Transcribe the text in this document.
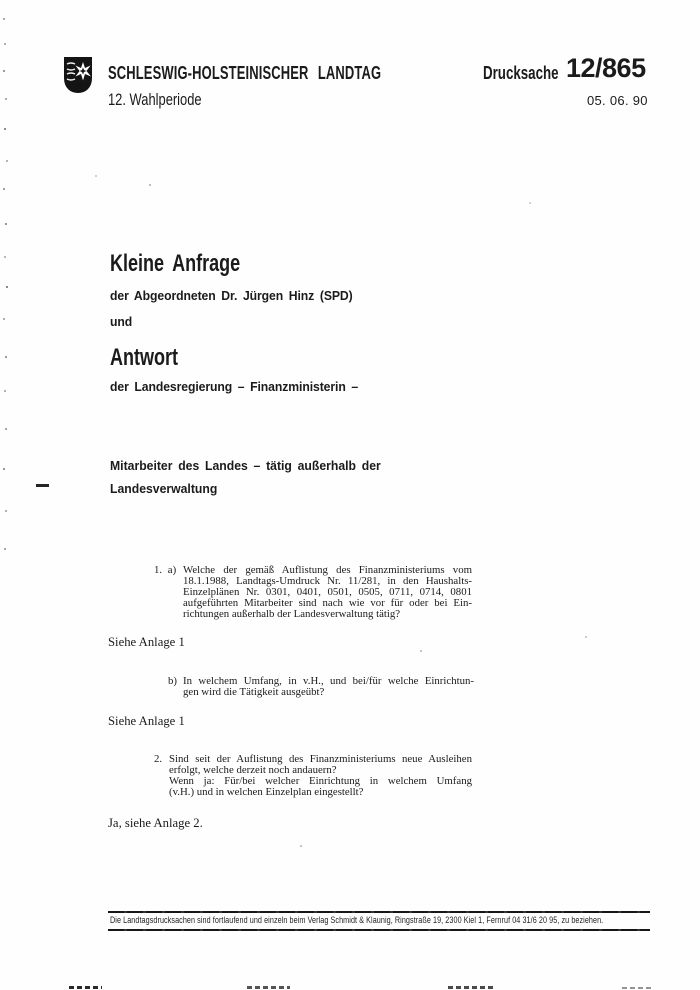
SCHLESWIG-HOLSTEINISCHER LANDTAG
12. Wahlperiode
Drucksache 12/865
05. 06. 90
Kleine Anfrage
der Abgeordneten Dr. Jürgen Hinz (SPD)
und
Antwort
der Landesregierung – Finanzministerin –
Mitarbeiter des Landes – tätig außerhalb der
Landesverwaltung
1. a) Welche der gemäß Auflistung des Finanzministeriums vom
18.1.1988, Landtags-Umdruck Nr. 11/281, in den Haushalts-
Einzelplänen Nr. 0301, 0401, 0501, 0505, 0711, 0714, 0801
aufgeführten Mitarbeiter sind nach wie vor für oder bei Ein-
richtungen außerhalb der Landesverwaltung tätig?
Siehe Anlage 1
b) In welchem Umfang, in v.H., und bei/für welche Einrichtun-
gen wird die Tätigkeit ausgeübt?
Siehe Anlage 1
2. Sind seit der Auflistung des Finanzministeriums neue Ausleihen
erfolgt, welche derzeit noch andauern?
Wenn ja: Für/bei welcher Einrichtung in welchem Umfang
(v.H.) und in welchen Einzelplan eingestellt?
Ja, siehe Anlage 2.
Die Landtagsdrucksachen sind fortlaufend und einzeln beim Verlag Schmidt & Klaunig, Ringstraße 19, 2300 Kiel 1, Fernruf 04 31/6 20 95, zu beziehen.
